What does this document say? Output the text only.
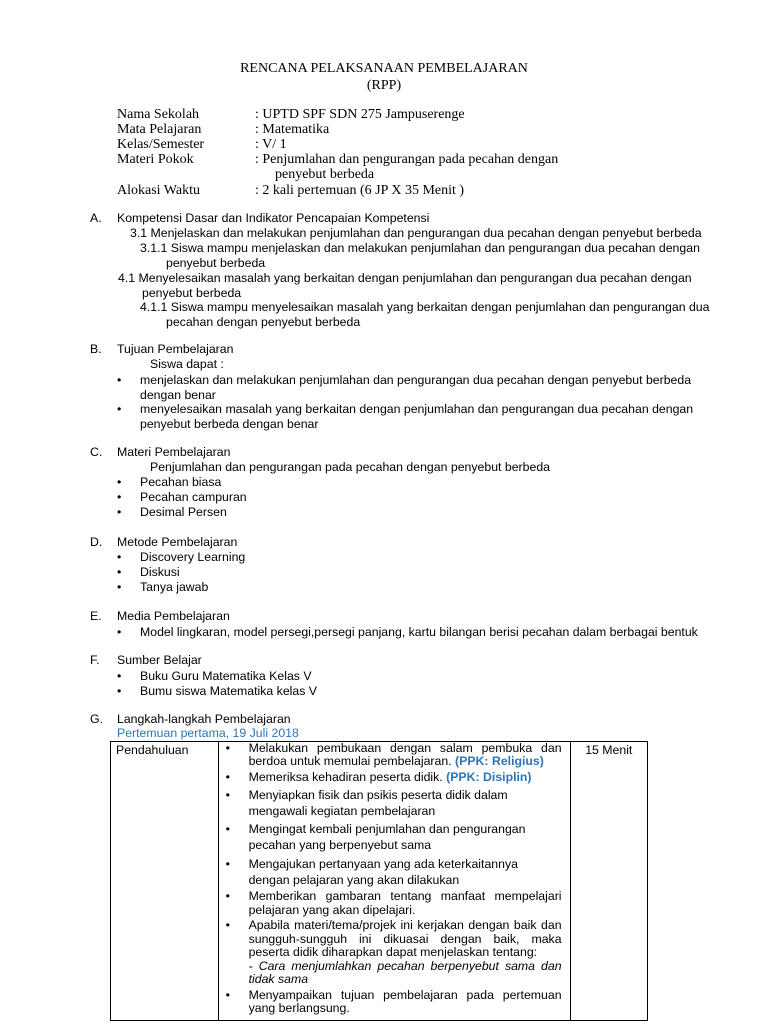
RENCANA PELAKSANAAN PEMBELAJARAN
(RPP)
Nama Sekolah	: UPTD SPF SDN 275 Jampuserenge
Mata Pelajaran	: Matematika
Kelas/Semester	: V/ 1
Materi Pokok	: Penjumlahan dan pengurangan pada pecahan dengan
penyebut berbeda
Alokasi Waktu	: 2 kali pertemuan (6 JP X 35 Menit )
A. Kompetensi Dasar dan Indikator Pencapaian Kompetensi
3.1 Menjelaskan dan melakukan penjumlahan dan pengurangan dua pecahan dengan penyebut berbeda
3.1.1 Siswa mampu menjelaskan dan melakukan penjumlahan dan pengurangan dua pecahan dengan
penyebut berbeda
4.1 Menyelesaikan masalah yang berkaitan dengan penjumlahan dan pengurangan dua pecahan dengan
penyebut berbeda
4.1.1 Siswa mampu menyelesaikan masalah yang berkaitan dengan penjumlahan dan pengurangan dua
pecahan dengan penyebut berbeda
B. Tujuan Pembelajaran
Siswa dapat :
• menjelaskan dan melakukan penjumlahan dan pengurangan dua pecahan dengan penyebut berbeda
dengan benar
• menyelesaikan masalah yang berkaitan dengan penjumlahan dan pengurangan dua pecahan dengan
penyebut berbeda dengan benar
C. Materi Pembelajaran
Penjumlahan dan pengurangan pada pecahan dengan penyebut berbeda
• Pecahan biasa
• Pecahan campuran
• Desimal Persen
D. Metode Pembelajaran
• Discovery Learning
• Diskusi
• Tanya jawab
E. Media Pembelajaran
• Model lingkaran, model persegi,persegi panjang, kartu bilangan berisi pecahan dalam berbagai bentuk
F. Sumber Belajar
• Buku Guru Matematika Kelas V
• Bumu siswa Matematika kelas V
G. Langkah-langkah Pembelajaran
Pertemuan pertama, 19 Juli 2018
Pendahuluan	• Melakukan pembukaan dengan salam pembuka dan berdoa untuk memulai pembelajaran. (PPK: Religius)
• Memeriksa kehadiran peserta didik. (PPK: Disiplin)
• Menyiapkan fisik dan psikis peserta didik dalam mengawali kegiatan pembelajaran
• Mengingat kembali penjumlahan dan pengurangan pecahan yang berpenyebut sama
• Mengajukan pertanyaan yang ada keterkaitannya dengan pelajaran yang akan dilakukan
• Memberikan gambaran tentang manfaat mempelajari pelajaran yang akan dipelajari.
• Apabila materi/tema/projek ini kerjakan dengan baik dan sungguh-sungguh ini dikuasai dengan baik, maka peserta didik diharapkan dapat menjelaskan tentang:
- Cara menjumlahkan pecahan berpenyebut sama dan tidak sama
• Menyampaikan tujuan pembelajaran pada pertemuan yang berlangsung.
	15 Menit
